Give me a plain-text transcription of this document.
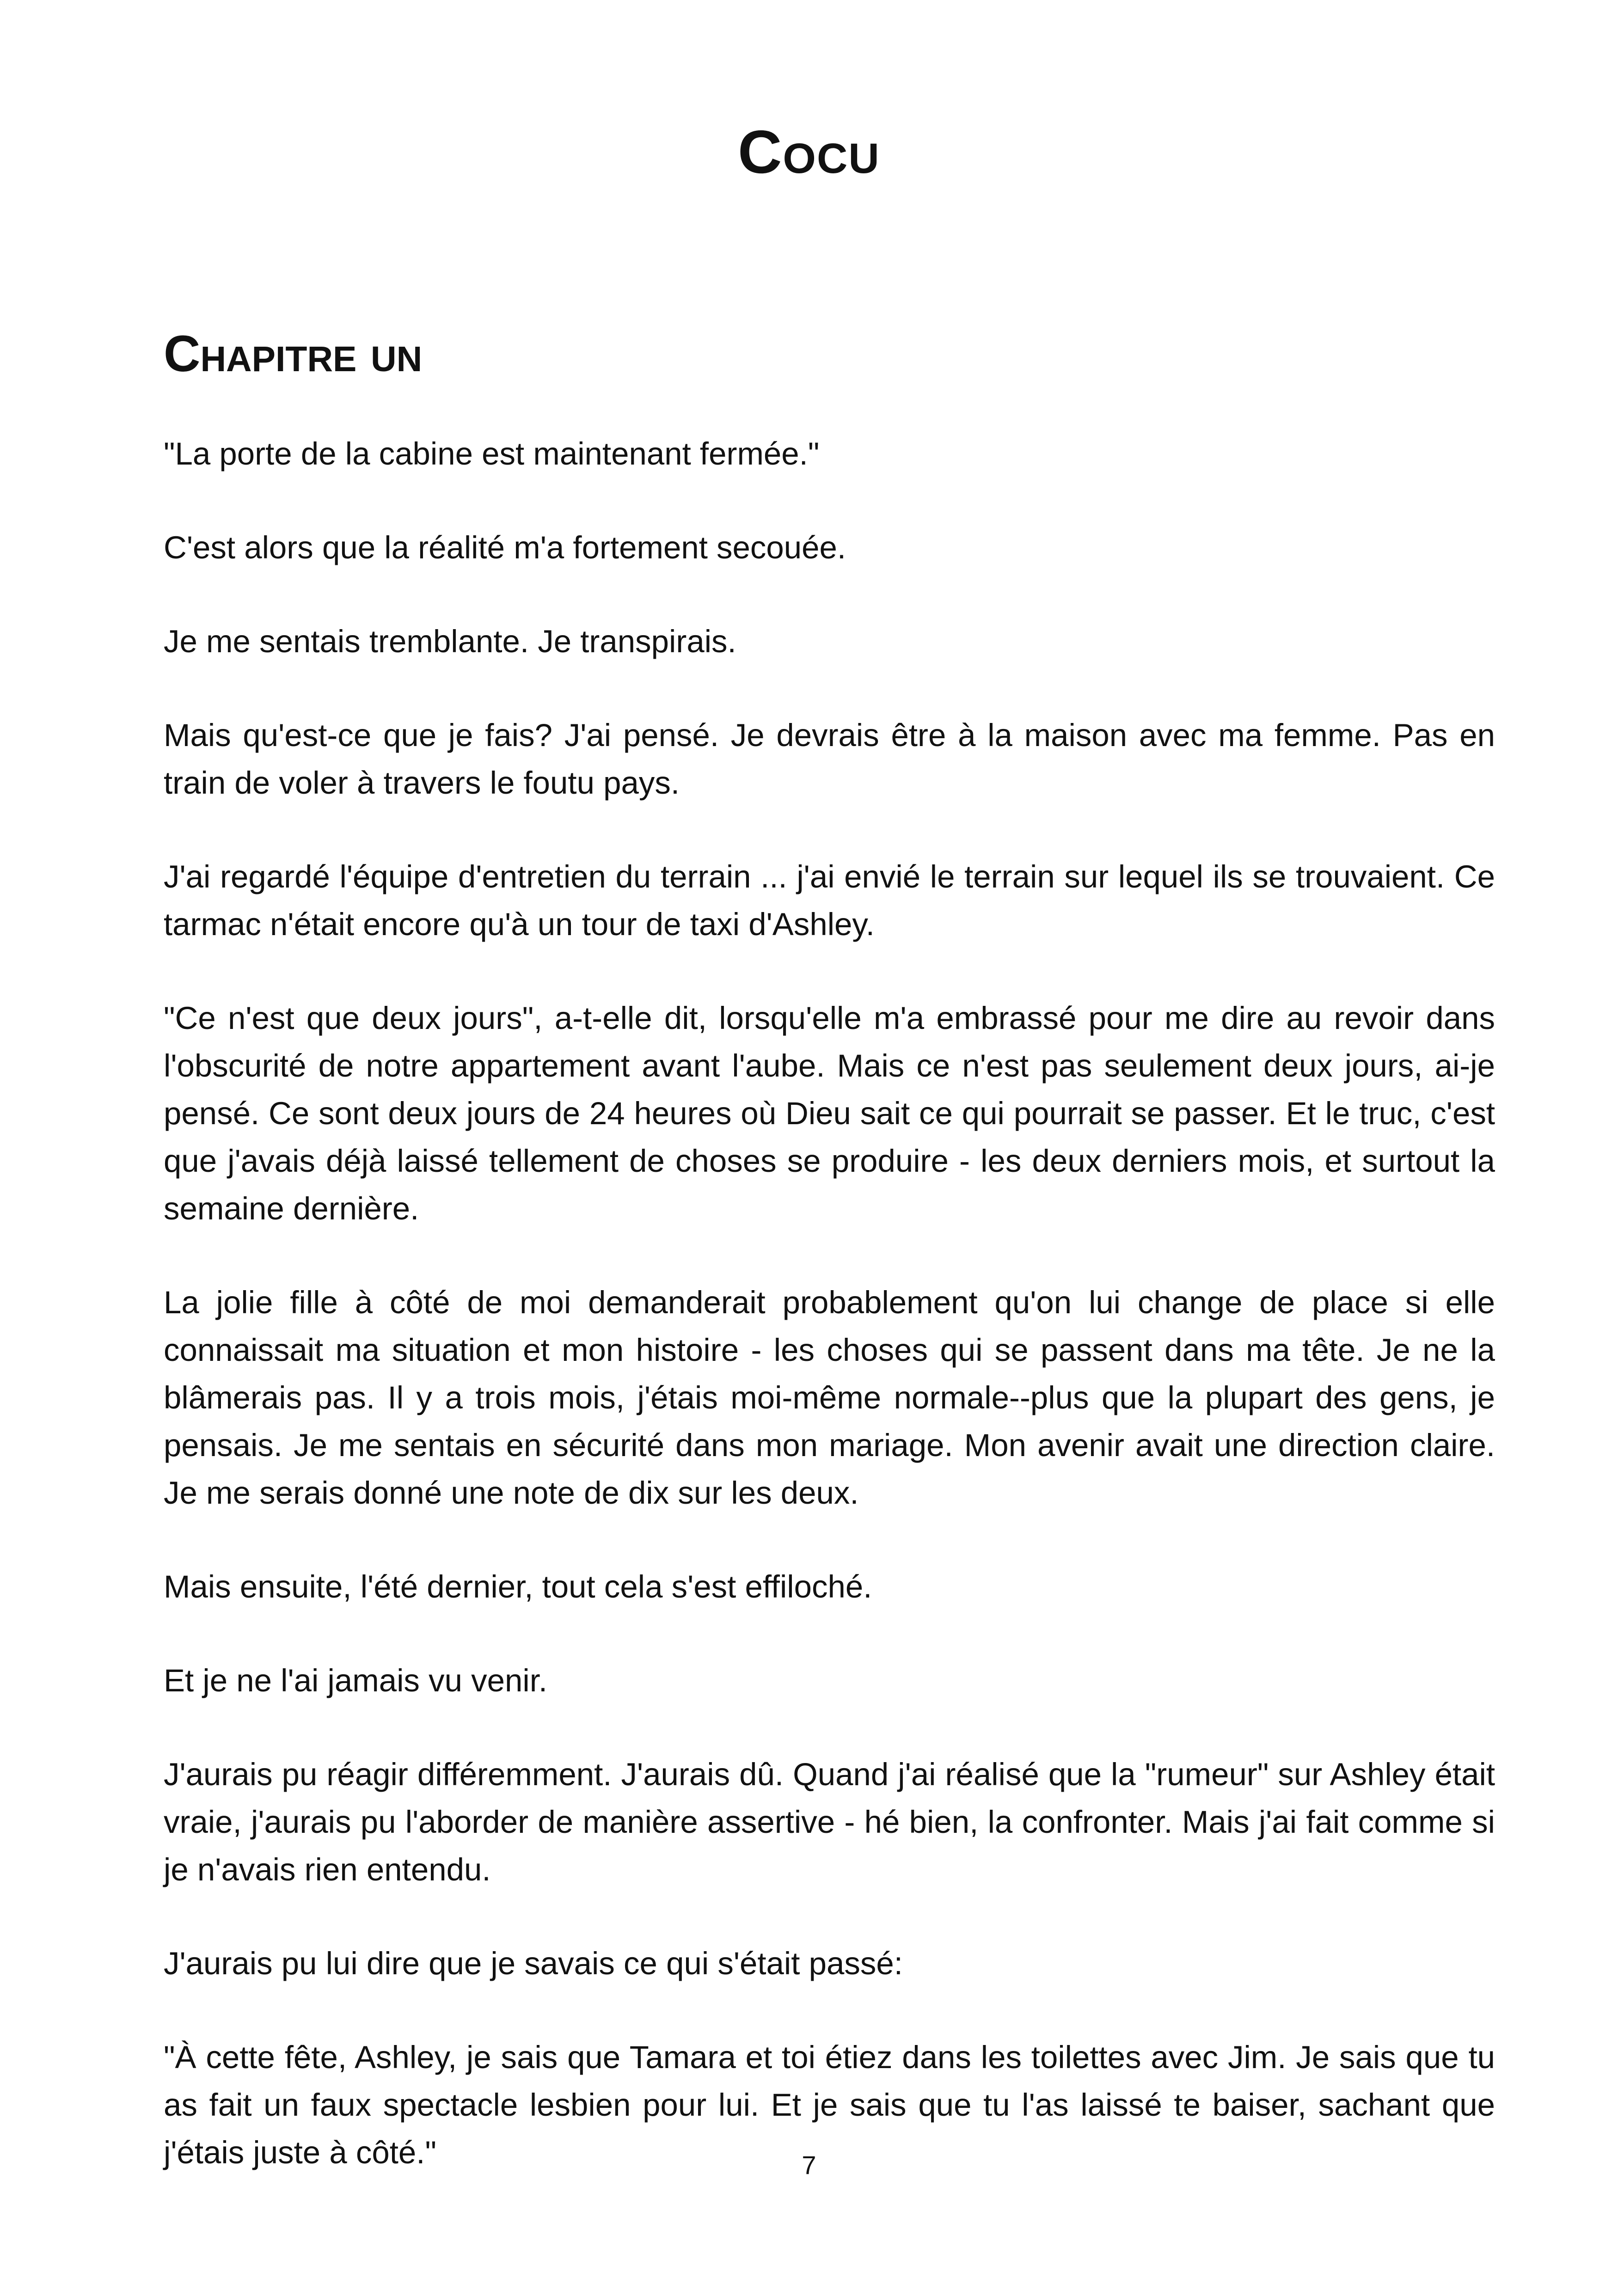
Cocu
Chapitre un

"La porte de la cabine est maintenant fermée."

C'est alors que la réalité m'a fortement secouée.

Je me sentais tremblante. Je transpirais.

Mais qu'est-ce que je fais? J'ai pensé. Je devrais être à la maison avec ma femme. Pas en train de voler à travers le foutu pays.

J'ai regardé l'équipe d'entretien du terrain ... j'ai envié le terrain sur lequel ils se trouvaient. Ce tarmac n'était encore qu'à un tour de taxi d'Ashley.

"Ce n'est que deux jours", a-t-elle dit, lorsqu'elle m'a embrassé pour me dire au revoir dans l'obscurité de notre appartement avant l'aube. Mais ce n'est pas seulement deux jours, ai-je pensé. Ce sont deux jours de 24 heures où Dieu sait ce qui pourrait se passer. Et le truc, c'est que j'avais déjà laissé tellement de choses se produire - les deux derniers mois, et surtout la semaine dernière.

La jolie fille à côté de moi demanderait probablement qu'on lui change de place si elle connaissait ma situation et mon histoire - les choses qui se passent dans ma tête. Je ne la blâmerais pas. Il y a trois mois, j'étais moi-même normale--plus que la plupart des gens, je pensais. Je me sentais en sécurité dans mon mariage. Mon avenir avait une direction claire. Je me serais donné une note de dix sur les deux.

Mais ensuite, l'été dernier, tout cela s'est effiloché.

Et je ne l'ai jamais vu venir.

J'aurais pu réagir différemment. J'aurais dû. Quand j'ai réalisé que la "rumeur" sur Ashley était vraie, j'aurais pu l'aborder de manière assertive - hé bien, la confronter. Mais j'ai fait comme si je n'avais rien entendu.

J'aurais pu lui dire que je savais ce qui s'était passé:

"À cette fête, Ashley, je sais que Tamara et toi étiez dans les toilettes avec Jim. Je sais que tu as fait un faux spectacle lesbien pour lui. Et je sais que tu l'as laissé te baiser, sachant que j'étais juste à côté."	7
